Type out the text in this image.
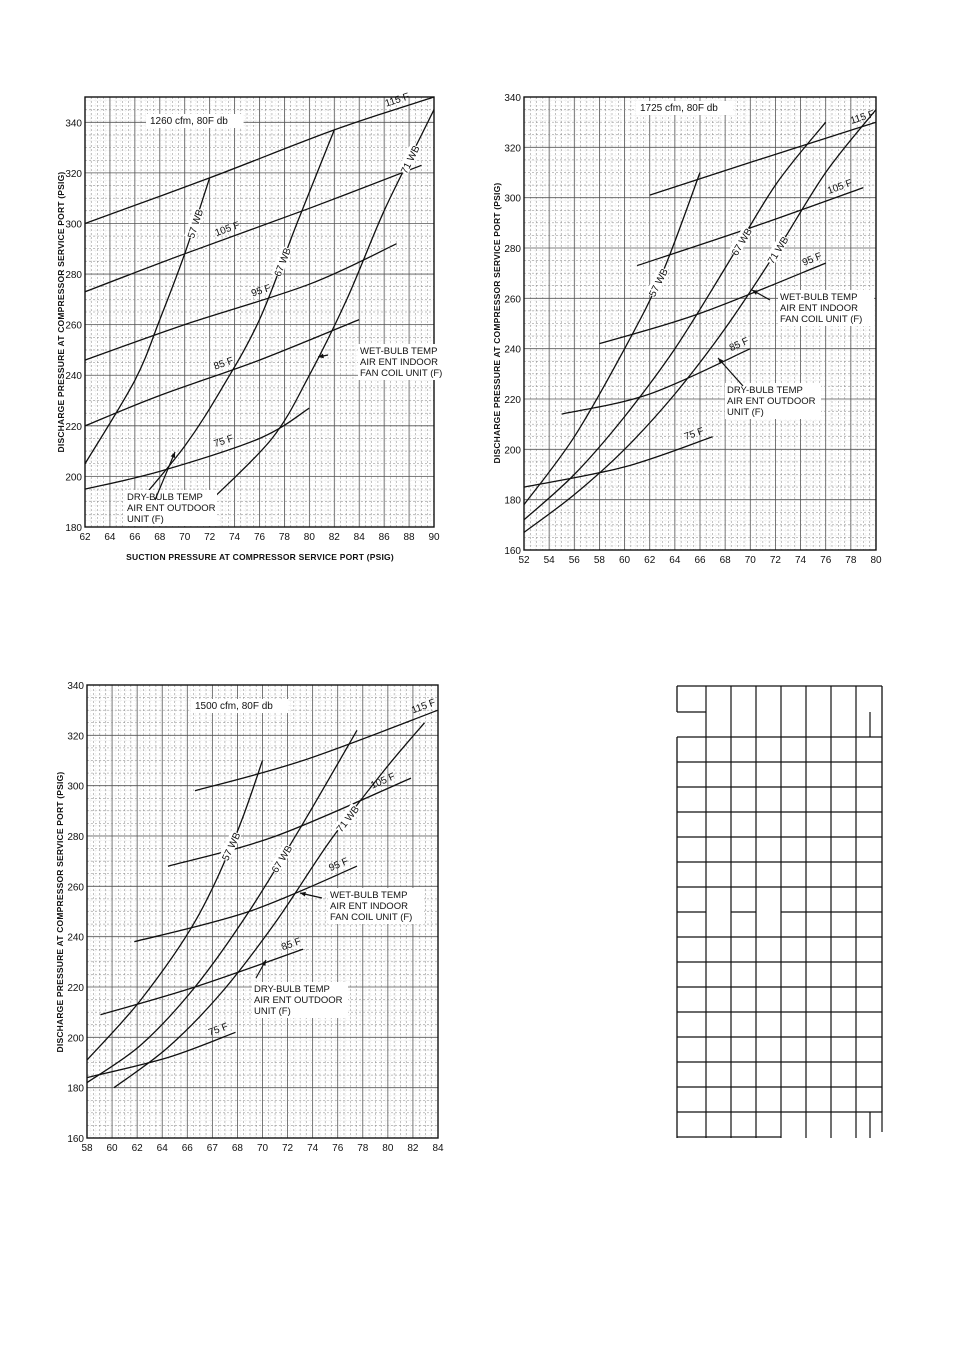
62 64 66 68 70 72 74 76 78 80 82 84 86 88 90
180
200
220
240
260
280
300
320
340
SUCTION PRESSURE AT COMPRESSOR SERVICE PORT (PSIG)
DISCHARGE PRESSURE AT COMPRESSOR SERVICE PORT (PSIG)
1260 cfm, 80F db
115 F
105 F
95 F
85 F
75 F
57 WB
67 WB
71 WB
WET-BULB TEMP
AIR ENT INDOOR
FAN COIL UNIT (F)
DRY-BULB TEMP
AIR ENT OUTDOOR
UNIT (F)
52 54 56 58 60 62 64 66 68 70 72 74 76 78 80
160
180
200
220
240
260
280
300
320
340
DISCHARGE PRESSURE AT COMPRESSOR SERVICE PORT (PSIG)
1725 cfm, 80F db
115 F
105 F
95 F
85 F
75 F
57 WB
67 WB 71 WB
WET-BULB TEMP
AIR ENT INDOOR
FAN COIL UNIT (F)
DRY-BULB TEMP
AIR ENT OUTDOOR
UNIT (F)
58 60 62 64 66 67 68 70 72 74 76 78 80 82 84
160
180
200
220
240
260
280
300
320
340
DISCHARGE PRESSURE AT COMPRESSOR SERVICE PORT (PSIG)
1500 cfm, 80F db	115 F
105 F
95 F
85 F
75 F
57 WB	67 WB
71 WB
WET-BULB TEMP
AIR ENT INDOOR
FAN COIL UNIT (F)
DRY-BULB TEMP
AIR ENT OUTDOOR
UNIT (F)
